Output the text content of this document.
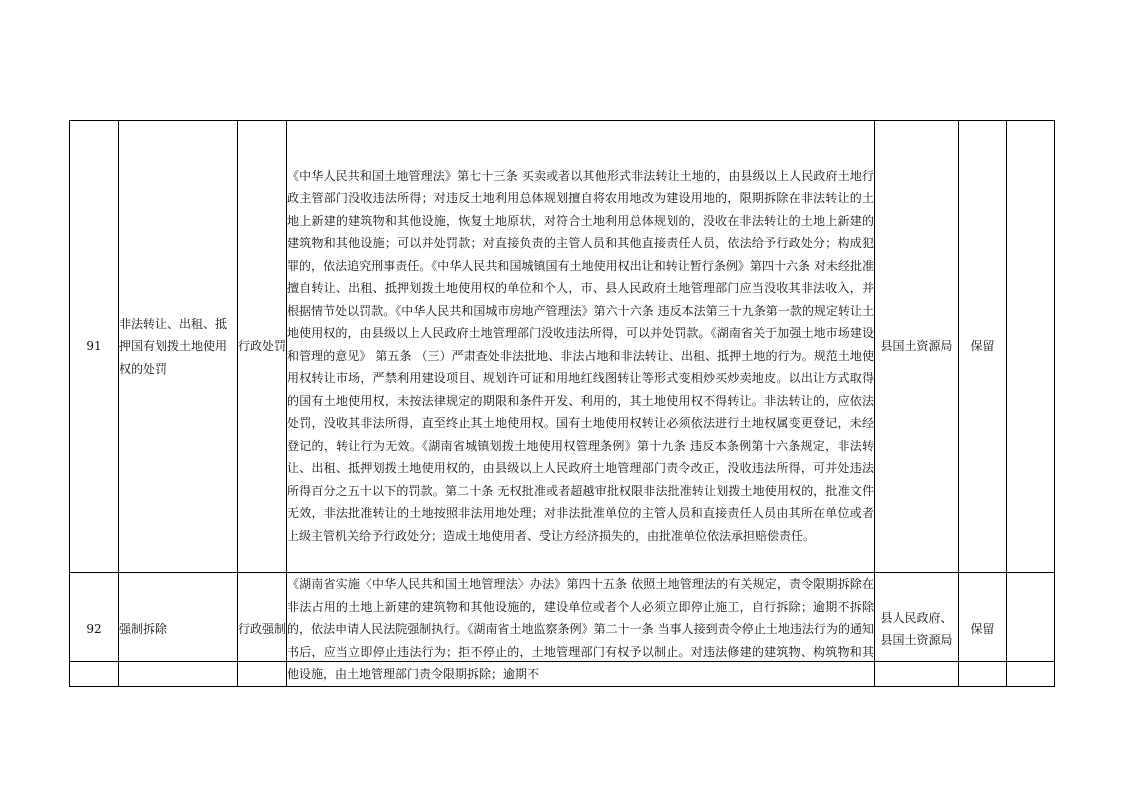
91	非法转让、出租、抵押国有划拨土地使用权的处罚	行政处罚	《中华人民共和国土地管理法》第七十三条 买卖或者以其他形式非法转让土地的，由县级以上人民政府土地行政主管部门没收违法所得；对违反土地利用总体规划擅自将农用地改为建设用地的，限期拆除在非法转让的土地上新建的建筑物和其他设施，恢复土地原状，对符合土地利用总体规划的，没收在非法转让的土地上新建的建筑物和其他设施；可以并处罚款；对直接负责的主管人员和其他直接责任人员，依法给予行政处分；构成犯罪的，依法追究刑事责任。《中华人民共和国城镇国有土地使用权出让和转让暂行条例》第四十六条 对未经批准擅自转让、出租、抵押划拨土地使用权的单位和个人，市、县人民政府土地管理部门应当没收其非法收入，并根据情节处以罚款。《中华人民共和国城市房地产管理法》第六十六条 违反本法第三十九条第一款的规定转让土地使用权的，由县级以上人民政府土地管理部门没收违法所得，可以并处罚款。《湖南省关于加强土地市场建设和管理的意见》 第五条 （三）严肃查处非法批地、非法占地和非法转让、出租、抵押土地的行为。规范土地使用权转让市场，严禁利用建设项目、规划许可证和用地红线图转让等形式变相炒买炒卖地皮。以出让方式取得的国有土地使用权，未按法律规定的期限和条件开发、利用的，其土地使用权不得转让。非法转让的，应依法处罚，没收其非法所得，直至终止其土地使用权。国有土地使用权转让必须依法进行土地权属变更登记，未经登记的，转让行为无效。《湖南省城镇划拨土地使用权管理条例》第十九条 违反本条例第十六条规定，非法转让、出租、抵押划拨土地使用权的，由县级以上人民政府土地管理部门责令改正，没收违法所得，可并处违法所得百分之五十以下的罚款。第二十条 无权批准或者超越审批权限非法批准转让划拨土地使用权的，批准文件无效，非法批准转让的土地按照非法用地处理；对非法批准单位的主管人员和直接责任人员由其所在单位或者上级主管机关给予行政处分；造成土地使用者、受让方经济损失的，由批准单位依法承担赔偿责任。	县国土资源局	保留	
92	强制拆除	行政强制	《湖南省实施〈中华人民共和国土地管理法〉办法》第四十五条 依照土地管理法的有关规定，责令限期拆除在非法占用的土地上新建的建筑物和其他设施的，建设单位或者个人必须立即停止施工，自行拆除；逾期不拆除的，依法申请人民法院强制执行。《湖南省土地监察条例》第二十一条 当事人接到责令停止土地违法行为的通知书后，应当立即停止违法行为；拒不停止的，土地管理部门有权予以制止。对违法修建的建筑物、构筑物和其他设施，由土地管理部门责令限期拆除；逾期不	县人民政府、县国土资源局	保留	
